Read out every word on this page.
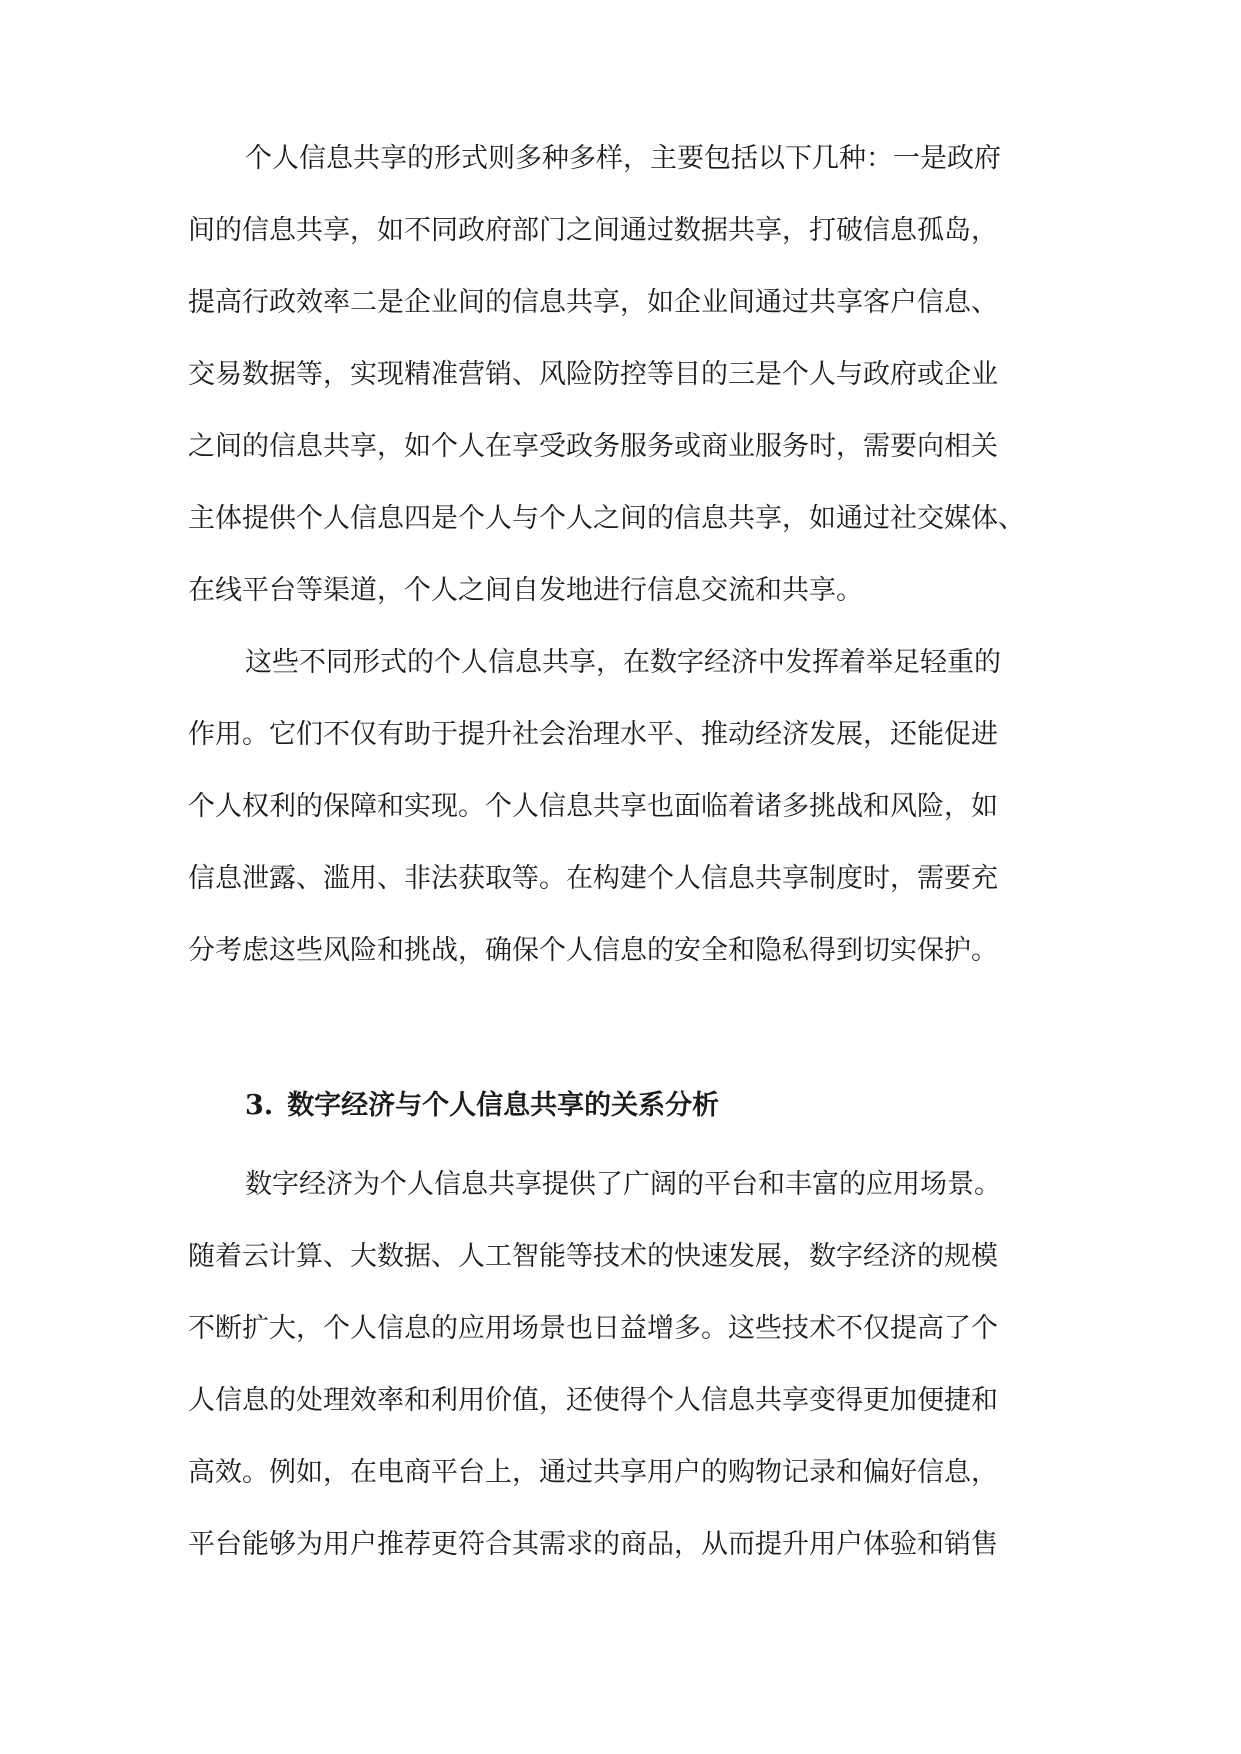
个人信息共享的形式则多种多样，主要包括以下几种：一是政府
间的信息共享，如不同政府部门之间通过数据共享，打破信息孤岛，
提高行政效率二是企业间的信息共享，如企业间通过共享客户信息、
交易数据等，实现精准营销、风险防控等目的三是个人与政府或企业
之间的信息共享，如个人在享受政务服务或商业服务时，需要向相关
主体提供个人信息四是个人与个人之间的信息共享，如通过社交媒体、
在线平台等渠道，个人之间自发地进行信息交流和共享。
这些不同形式的个人信息共享，在数字经济中发挥着举足轻重的
作用。它们不仅有助于提升社会治理水平、推动经济发展，还能促进
个人权利的保障和实现。个人信息共享也面临着诸多挑战和风险，如
信息泄露、滥用、非法获取等。在构建个人信息共享制度时，需要充
分考虑这些风险和挑战，确保个人信息的安全和隐私得到切实保护。
3. 数字经济与个人信息共享的关系分析
数字经济为个人信息共享提供了广阔的平台和丰富的应用场景。
随着云计算、大数据、人工智能等技术的快速发展，数字经济的规模
不断扩大，个人信息的应用场景也日益增多。这些技术不仅提高了个
人信息的处理效率和利用价值，还使得个人信息共享变得更加便捷和
高效。例如，在电商平台上，通过共享用户的购物记录和偏好信息，
平台能够为用户推荐更符合其需求的商品，从而提升用户体验和销售
